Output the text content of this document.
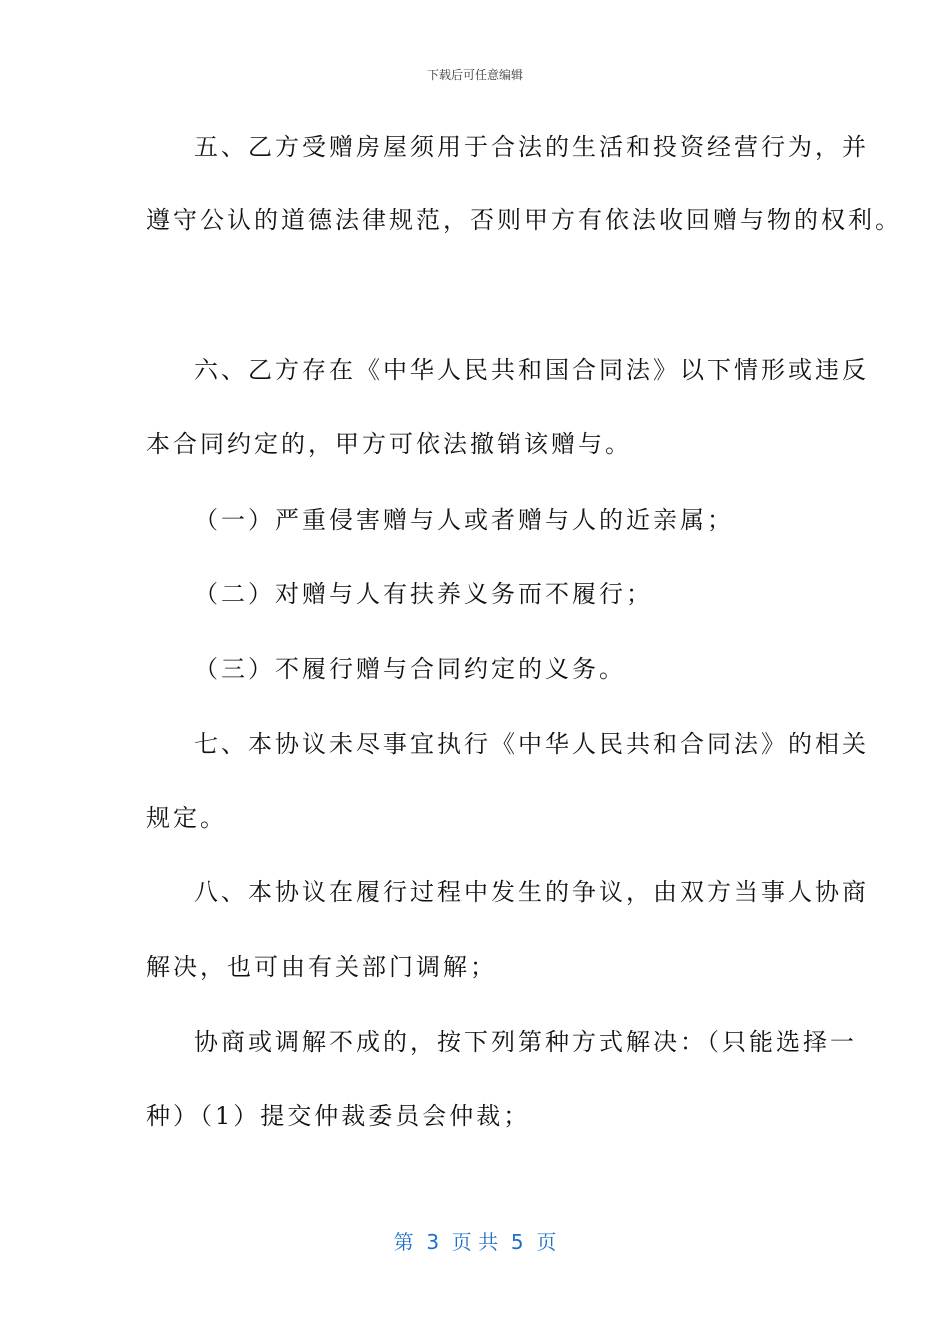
下载后可任意编辑
五、乙方受赠房屋须用于合法的生活和投资经营行为，并
遵守公认的道德法律规范，否则甲方有依法收回赠与物的权利。
六、乙方存在《中华人民共和国合同法》以下情形或违反
本合同约定的，甲方可依法撤销该赠与。
（一）严重侵害赠与人或者赠与人的近亲属；
（二）对赠与人有扶养义务而不履行；
（三）不履行赠与合同约定的义务。
七、本协议未尽事宜执行《中华人民共和合同法》的相关
规定。
八、本协议在履行过程中发生的争议，由双方当事人协商
解决，也可由有关部门调解；
协商或调解不成的，按下列第种方式解决：（只能选择一
种）（1）提交仲裁委员会仲裁；
第  3  页 共  5  页
